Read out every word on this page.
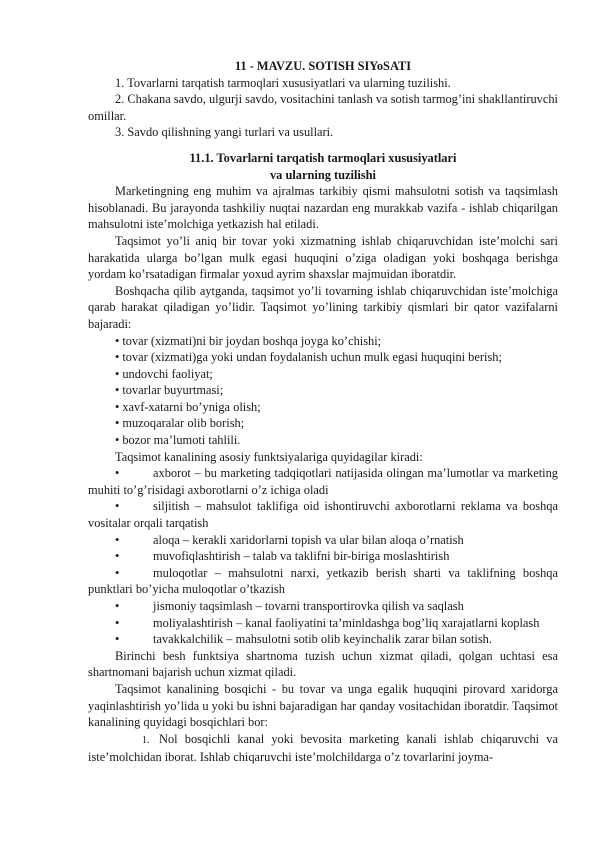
11 - MAVZU. SOTISH SIYoSATI
1. Tovarlarni tarqatish tarmoqlari xususiyatlari va ularning tuzilishi.
2. Chakana savdo, ulgurji savdo, vositachini tanlash va sotish tarmog’ini shakllantiruvchi omillar.
3. Savdo qilishning yangi turlari va usullari.
11.1. Tovarlarni tarqatish tarmoqlari xususiyatlari
va ularning tuzilishi
Marketingning eng muhim va ajralmas tarkibiy qismi mahsulotni sotish va taqsimlash hisoblanadi. Bu jarayonda tashkiliy nuqtai nazardan eng murakkab vazifa - ishlab chiqarilgan mahsulotni iste’molchiga yetkazish hal etiladi.
Taqsimot yo’li aniq bir tovar yoki xizmatning ishlab chiqaruvchidan iste’molchi sari harakatida ularga bo’lgan mulk egasi huquqini o’ziga oladigan yoki boshqaga berishga yordam ko’rsatadigan firmalar yoxud ayrim shaxslar majmuidan iboratdir.
Boshqacha qilib aytganda, taqsimot yo’li tovarning ishlab chiqaruvchidan iste’molchiga qarab harakat qiladigan yo’lidir. Taqsimot yo’lining tarkibiy qismlari bir qator vazifalarni bajaradi:
• tovar (xizmati)ni bir joydan boshqa joyga ko’chishi;
• tovar (xizmati)ga yoki undan foydalanish uchun mulk egasi huquqini berish;
• undovchi faoliyat;
• tovarlar buyurtmasi;
• xavf-xatarni bo’yniga olish;
• muzoqaralar olib borish;
• bozor ma’lumoti tahlili.
Taqsimot kanalining asosiy funktsiyalariga quyidagilar kiradi:
•	axborot – bu marketing tadqiqotlari natijasida olingan ma’lumotlar va marketing muhiti to’g’risidagi axborotlarni o’z ichiga oladi
•	siljitish – mahsulot taklifiga oid ishontiruvchi axborotlarni reklama va boshqa vositalar orqali tarqatish
•	aloqa – kerakli xaridorlarni topish va ular bilan aloqa o’rnatish
•	muvofiqlashtirish – talab va taklifni bir-biriga moslashtirish
•	muloqotlar – mahsulotni narxi, yetkazib berish sharti va taklifning boshqa punktlari bo’yicha muloqotlar o’tkazish
•	jismoniy taqsimlash – tovarni transportirovka qilish va saqlash
•	moliyalashtirish – kanal faoliyatini ta’minldashga bog’liq xarajatlarni koplash
•	tavakkalchilik – mahsulotni sotib olib keyinchalik zarar bilan sotish.
Birinchi besh funktsiya shartnoma tuzish uchun xizmat qiladi, qolgan uchtasi esa shartnomani bajarish uchun xizmat qiladi.
Taqsimot kanalining bosqichi - bu tovar va unga egalik huquqini pirovard xaridorga yaqinlashtirish yo’lida u yoki bu ishni bajaradigan har qanday vositachidan iboratdir. Taqsimot kanalining quyidagi bosqichlari bor:
1. Nol bosqichli kanal yoki bevosita marketing kanali ishlab chiqaruvchi va iste’molchidan iborat. Ishlab chiqaruvchi iste’molchildarga o’z tovarlarini joyma-
